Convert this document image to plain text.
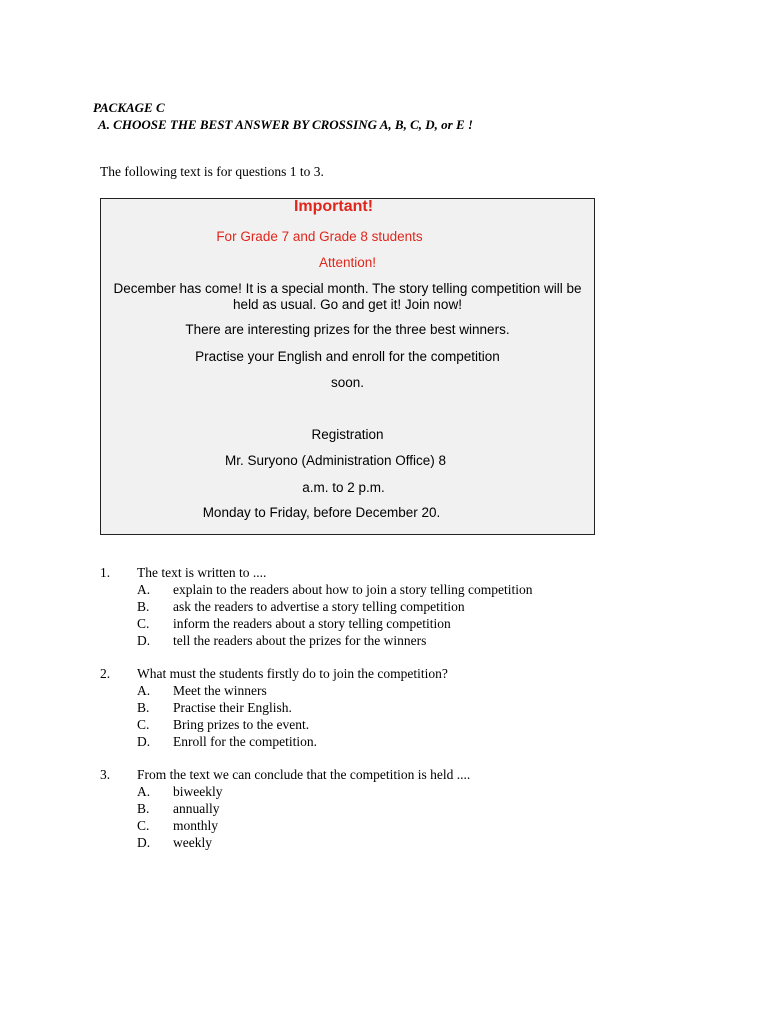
PACKAGE C
A. CHOOSE THE BEST ANSWER BY CROSSING A, B, C, D, or E !
The following text is for questions 1 to 3.
Important!
For Grade 7 and Grade 8 students
Attention!
December has come! It is a special month. The story telling competition will be
held as usual. Go and get it! Join now!
There are interesting prizes for the three best winners.
Practise your English and enroll for the competition
soon.
Registration
Mr. Suryono (Administration Office) 8
a.m. to 2 p.m.
Monday to Friday, before December 20.
1. The text is written to ....
A. explain to the readers about how to join a story telling competition
B. ask the readers to advertise a story telling competition
C. inform the readers about a story telling competition
D. tell the readers about the prizes for the winners
2. What must the students firstly do to join the competition?
A. Meet the winners
B. Practise their English.
C. Bring prizes to the event.
D. Enroll for the competition.
3. From the text we can conclude that the competition is held ....
A. biweekly
B. annually
C. monthly
D. weekly
